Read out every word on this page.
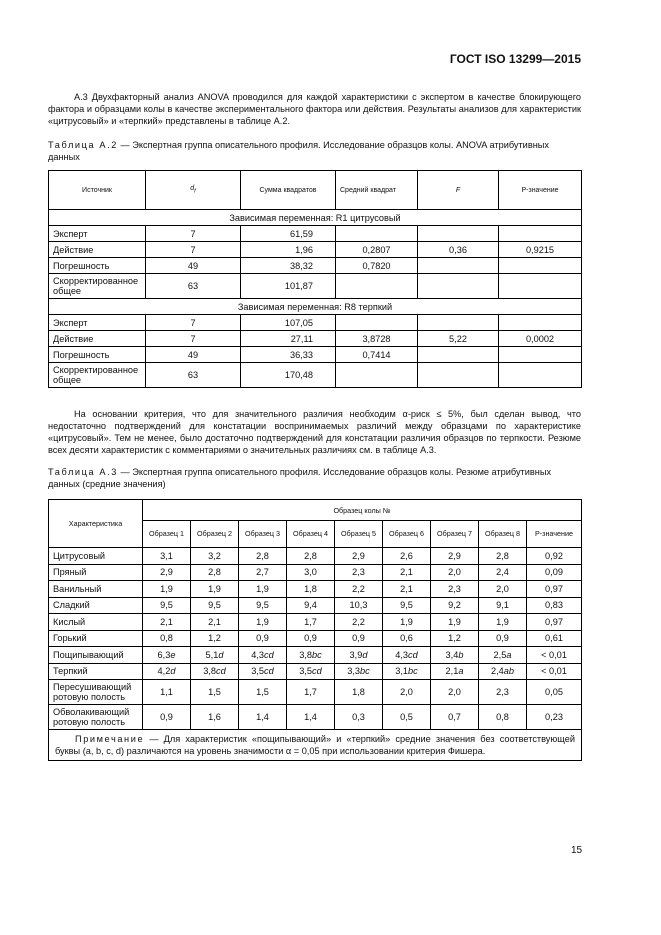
ГОСТ ISO 13299—2015
А.3 Двухфакторный анализ ANOVA проводился для каждой характеристики с экспертом в качестве блокирующего фактора и образцами колы в качестве экспериментального фактора или действия. Результаты анализов для характеристик «цитрусовый» и «терпкий» представлены в таблице А.2.
Таблица А.2 — Экспертная группа описательного профиля. Исследование образцов колы. ANOVA атрибутивных данных
Источник	$d_f$	Сумма квадратов	Средний квадрат	F	Р-значение
Зависимая переменная: R1 цитрусовый					
Эксперт	7	61,59			
Действие	7	1,96	0,2807	0,36	0,9215
Погрешность	49	38,32	0,7820		
Скорректированное общее	63	101,87			
Зависимая переменная: R8 терпкий					
Эксперт	7	107,05			
Действие	7	27,11	3,8728	5,22	0,0002
Погрешность	49	36,33	0,7414		
Скорректированное общее	63	170,48			
На основании критерия, что для значительного различия необходим α-риск ≤ 5%, был сделан вывод, что недостаточно подтверждений для констатации воспринимаемых различий между образцами по характеристике «цитрусовый». Тем не менее, было достаточно подтверждений для констатации различия образцов по терпкости. Резюме всех десяти характеристик с комментариями о значительных различиях см. в таблице А.3.
Таблица А.3 — Экспертная группа описательного профиля. Исследование образцов колы. Резюме атрибутивных данных (средние значения)
Характеристика	Образец колы №								
	Образец 1	Образец 2	Образец 3	Образец 4	Образец 5	Образец 6	Образец 7	Образец 8	Р-значение
Цитрусовый	3,1	3,2	2,8	2,8	2,9	2,6	2,9	2,8	0,92
Пряный	2,9	2,8	2,7	3,0	2,3	2,1	2,0	2,4	0,09
Ванильный	1,9	1,9	1,9	1,8	2,2	2,1	2,3	2,0	0,97
Сладкий	9,5	9,5	9,5	9,4	10,3	9,5	9,2	9,1	0,83
Кислый	2,1	2,1	1,9	1,7	2,2	1,9	1,9	1,9	0,97
Горький	0,8	1,2	0,9	0,9	0,9	0,6	1,2	0,9	0,61
Пощипывающий	6,3e	5,1d	4,3cd	3,8bc	3,9d	4,3cd	3,4b	2,5a	< 0,01
Терпкий	4,2d	3,8cd	3,5cd	3,5cd	3,3bc	3,1bc	2,1a	2,4ab	< 0,01
Пересушивающий ротовую полость	1,1	1,5	1,5	1,7	1,8	2,0	2,0	2,3	0,05
Обволакивающий ротовую полость	0,9	1,6	1,4	1,4	0,3	0,5	0,7	0,8	0,23
Примечание — Для характеристик «пощипывающий» и «терпкий» средние значения без соответствующей буквы (a, b, c, d) различаются на уровень значимости α = 0,05 при использовании критерия Фишера.									
15
